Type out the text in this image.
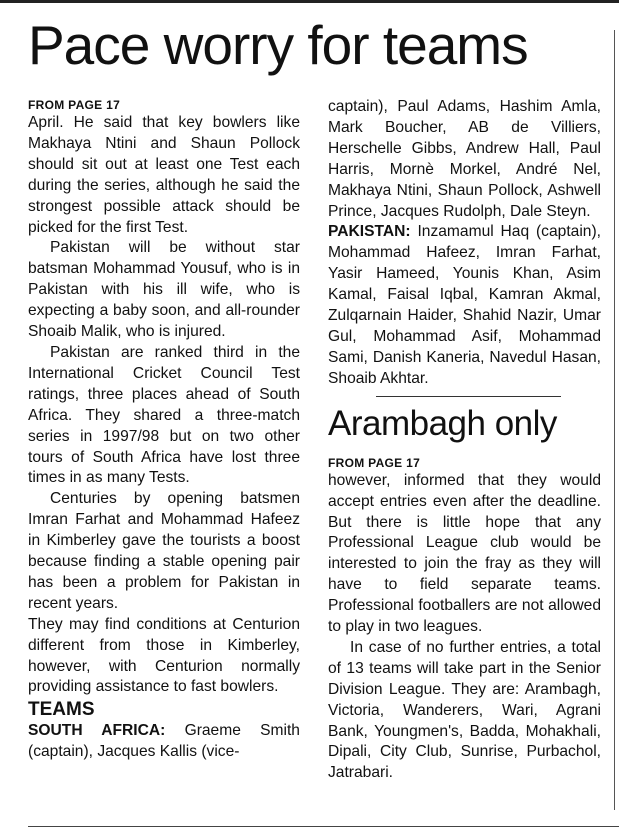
Pace worry for teams

FROM PAGE 17

April. He said that key bowlers like Makhaya Ntini and Shaun Pollock should sit out at least one Test each during the series, although he said the strongest possible attack should be picked for the first Test.

Pakistan will be without star batsman Mohammad Yousuf, who is in Pakistan with his ill wife, who is expecting a baby soon, and all-rounder Shoaib Malik, who is injured.

Pakistan are ranked third in the International Cricket Council Test ratings, three places ahead of South Africa. They shared a three-match series in 1997/98 but on two other tours of South Africa have lost three times in as many Tests.

Centuries by opening batsmen Imran Farhat and Mohammad Hafeez in Kimberley gave the tourists a boost because finding a stable opening pair has been a problem for Pakistan in recent years.

They may find conditions at Centurion different from those in Kimberley, however, with Centurion normally providing assistance to fast bowlers.

TEAMS

SOUTH AFRICA: Graeme Smith (captain), Jacques Kallis (vice-

captain), Paul Adams, Hashim Amla, Mark Boucher, AB de Villiers, Herschelle Gibbs, Andrew Hall, Paul Harris, Mornè Morkel, André Nel, Makhaya Ntini, Shaun Pollock, Ashwell Prince, Jacques Rudolph, Dale Steyn.

PAKISTAN: Inzamamul Haq (captain), Mohammad Hafeez, Imran Farhat, Yasir Hameed, Younis Khan, Asim Kamal, Faisal Iqbal, Kamran Akmal, Zulqarnain Haider, Shahid Nazir, Umar Gul, Mohammad Asif, Mohammad Sami, Danish Kaneria, Navedul Hasan, Shoaib Akhtar.

Arambagh only

FROM PAGE 17

however, informed that they would accept entries even after the deadline. But there is little hope that any Professional League club would be interested to join the fray as they will have to field separate teams. Professional footballers are not allowed to play in two leagues.

In case of no further entries, a total of 13 teams will take part in the Senior Division League. They are: Arambagh, Victoria, Wanderers, Wari, Agrani Bank, Youngmen's, Badda, Mohakhali, Dipali, City Club, Sunrise, Purbachol, Jatrabari.
